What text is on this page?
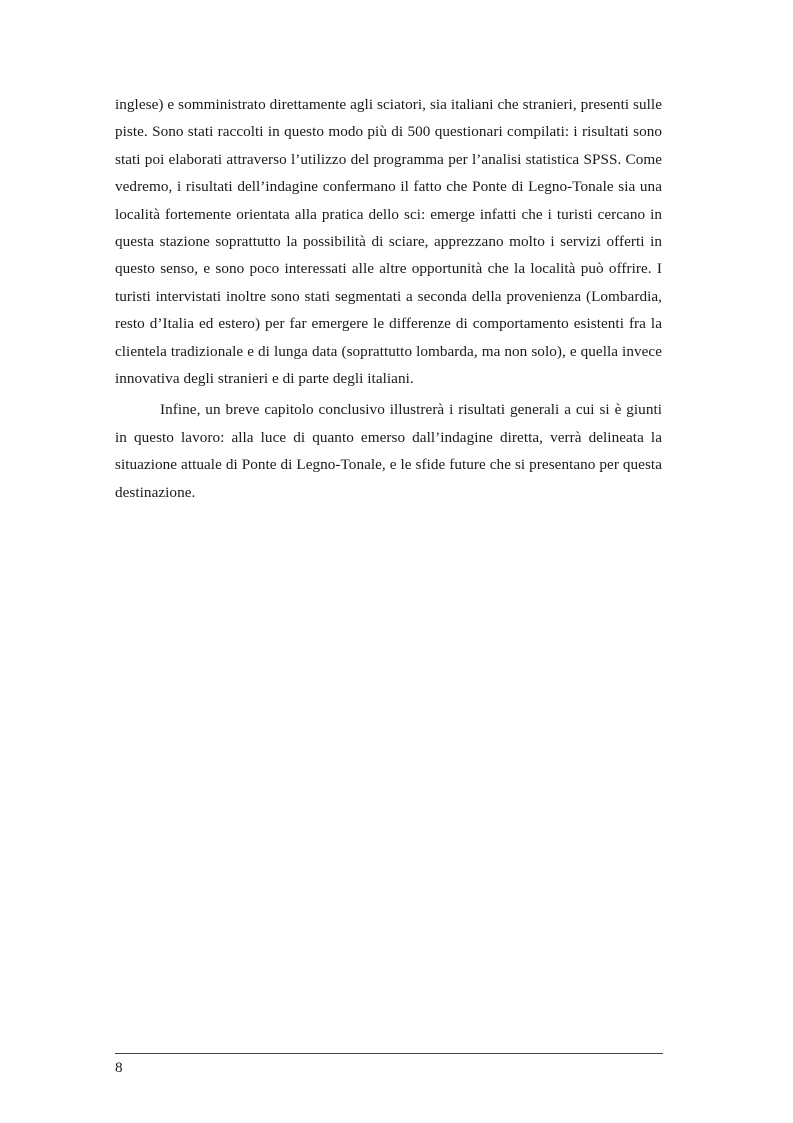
inglese) e somministrato direttamente agli sciatori, sia italiani che stranieri, presenti sulle piste. Sono stati raccolti in questo modo più di 500 questionari compilati: i risultati sono stati poi elaborati attraverso l’utilizzo del programma per l’analisi statistica SPSS. Come vedremo, i risultati dell’indagine confermano il fatto che Ponte di Legno-Tonale sia una località fortemente orientata alla pratica dello sci: emerge infatti che i turisti cercano in questa stazione soprattutto la possibilità di sciare, apprezzano molto i servizi offerti in questo senso, e sono poco interessati alle altre opportunità che la località può offrire. I turisti intervistati inoltre sono stati segmentati a seconda della provenienza (Lombardia, resto d’Italia ed estero) per far emergere le differenze di comportamento esistenti fra la clientela tradizionale e di lunga data (soprattutto lombarda, ma non solo), e quella invece innovativa degli stranieri e di parte degli italiani.

Infine, un breve capitolo conclusivo illustrerà i risultati generali a cui si è giunti in questo lavoro: alla luce di quanto emerso dall’indagine diretta, verrà delineata la situazione attuale di Ponte di Legno-Tonale, e le sfide future che si presentano per questa destinazione.

8
